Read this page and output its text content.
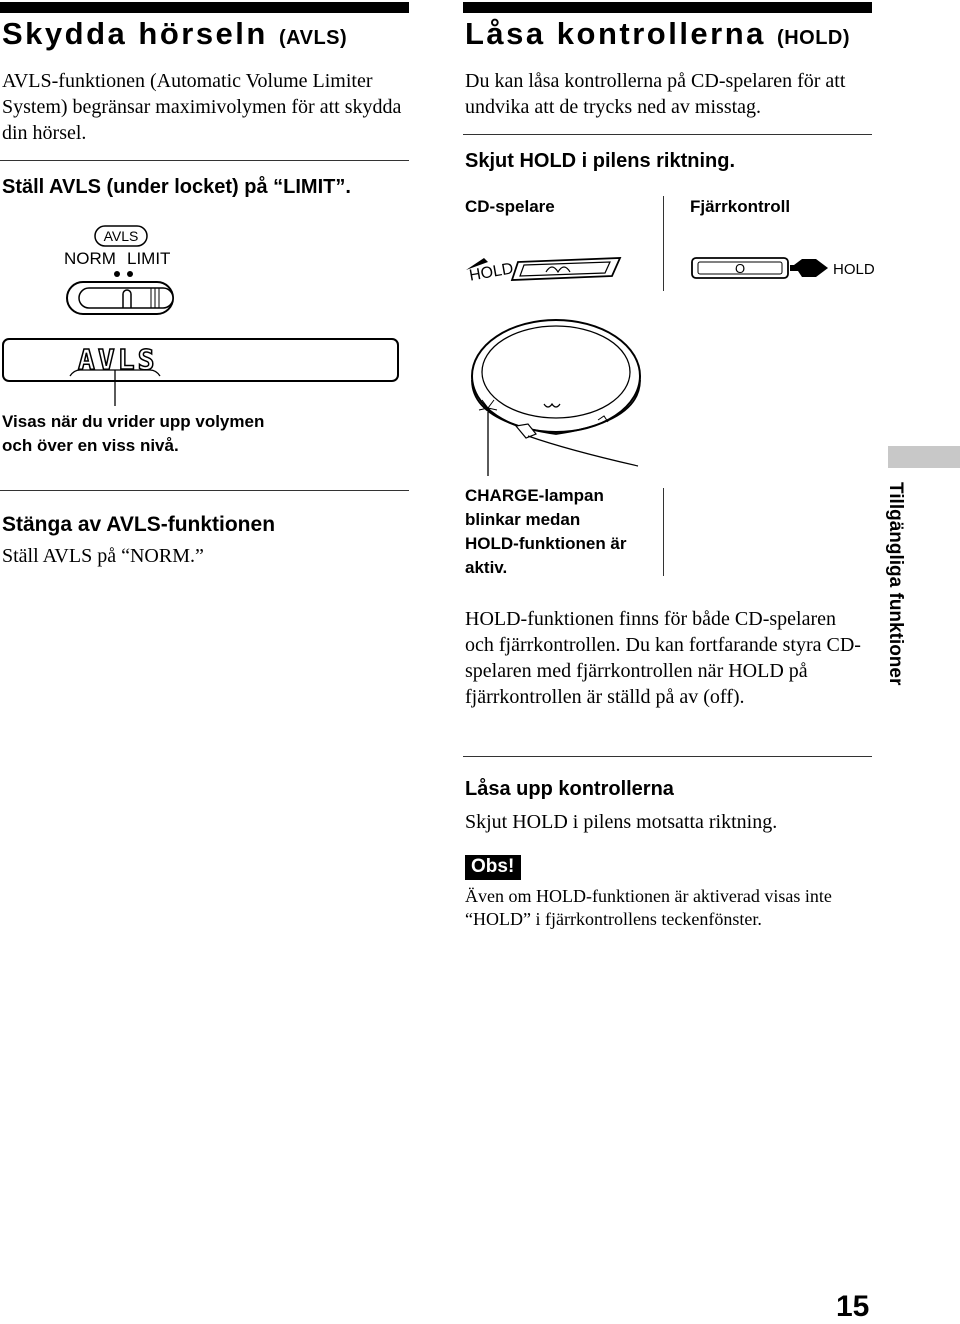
Skydda hörseln (AVLS)
AVLS-funktionen (Automatic Volume Limiter System) begränsar maximivolymen för att skydda din hörsel.
Ställ AVLS (under locket) på “LIMIT”.
AVLS
NORM LIMIT
AVLS
Visas när du vrider upp volymen
och över en viss nivå.
Stänga av AVLS-funktionen
Ställ AVLS på “NORM.”
Låsa kontrollerna (HOLD)
Du kan låsa kontrollerna på CD-spelaren för att undvika att de trycks ned av misstag.
Skjut HOLD i pilens riktning.
CD-spelare	Fjärrkontroll
HOLD	O	HOLD
CHARGE-lampan
blinkar medan
HOLD-funktionen är
aktiv.
HOLD-funktionen finns för både CD-spelaren och fjärrkontrollen. Du kan fortfarande styra CD-spelaren med fjärrkontrollen när HOLD på fjärrkontrollen är ställd på av (off).
Låsa upp kontrollerna
Skjut HOLD i pilens motsatta riktning.
Obs!
Även om HOLD-funktionen är aktiverad visas inte “HOLD” i fjärrkontrollens teckenfönster.
Tillgängliga funktioner
15
